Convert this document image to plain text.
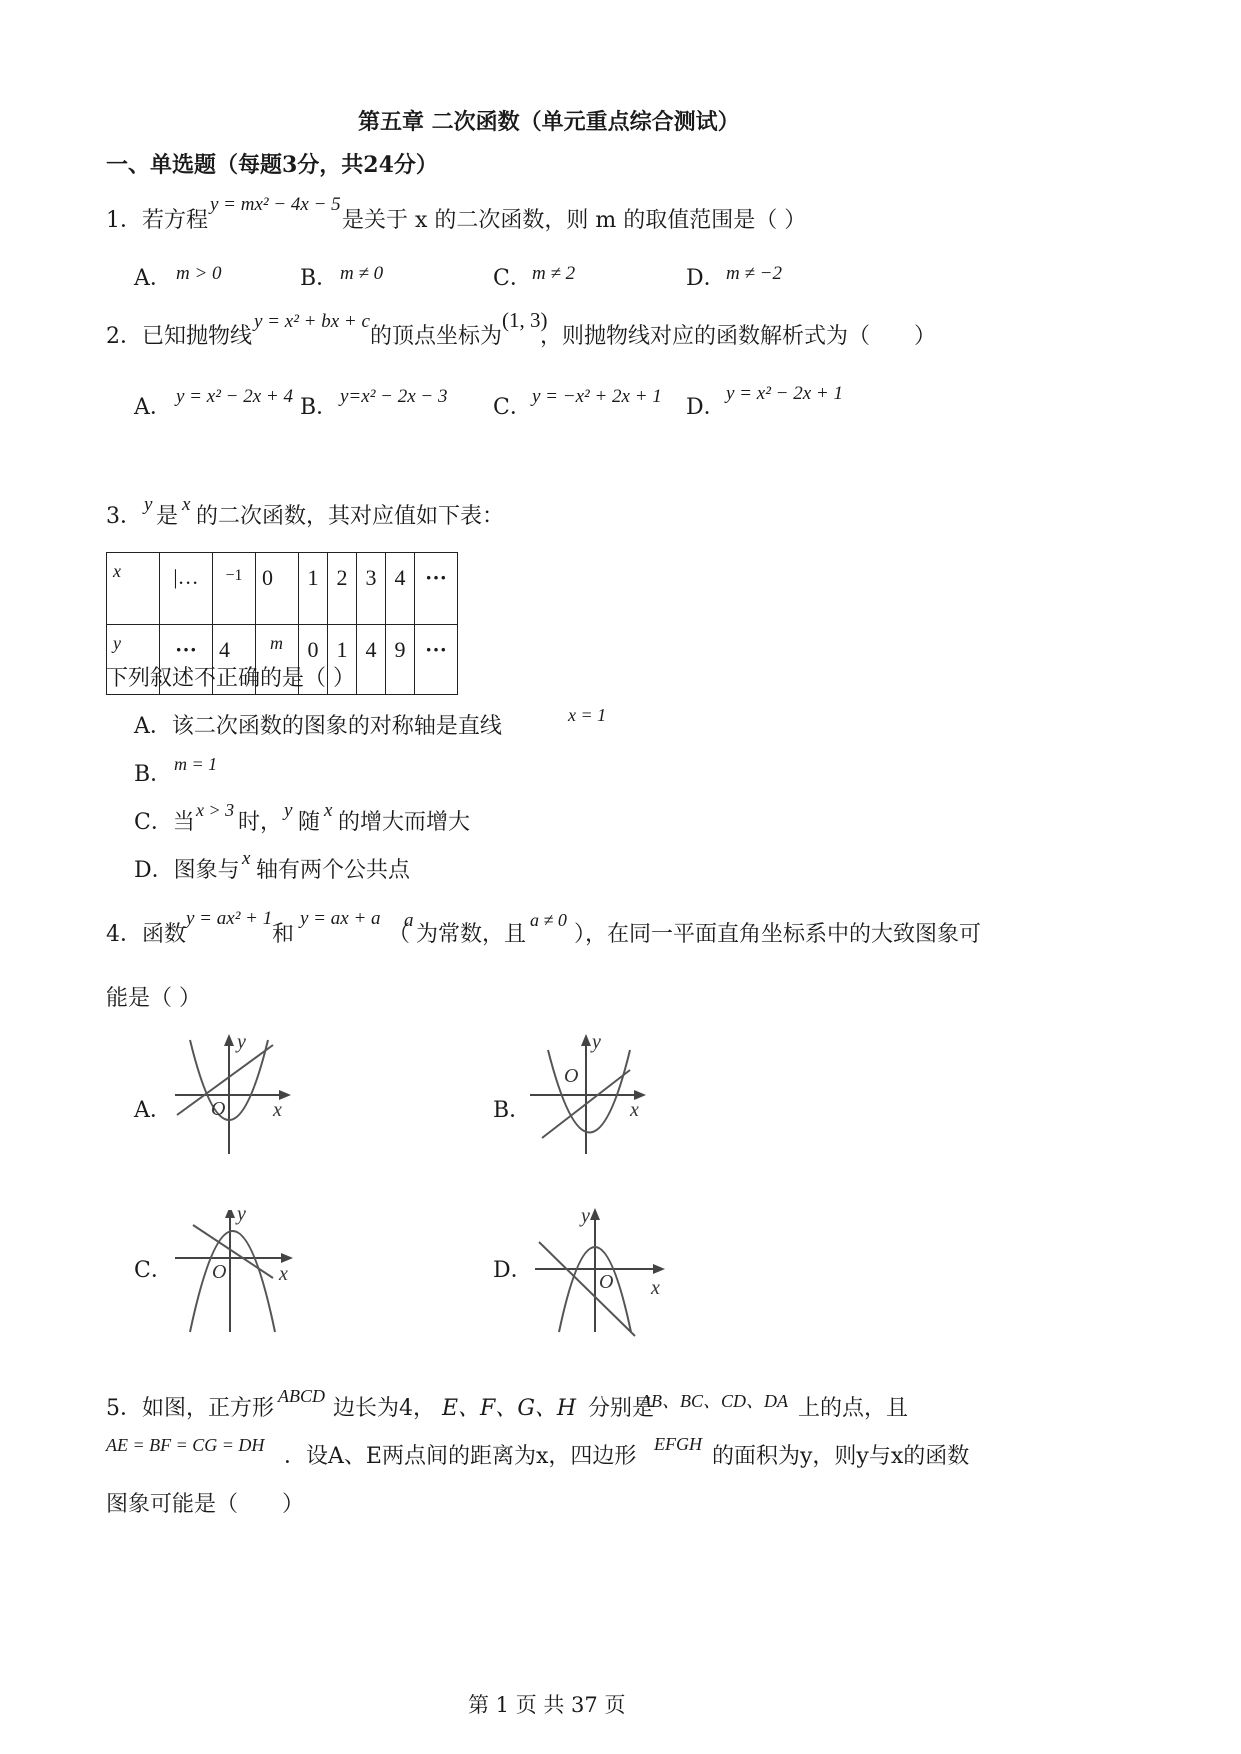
第五章 二次函数（单元重点综合测试）
一、单选题（每题3分，共24分）
1．若方程
y = mx² − 4x − 5
是关于 x 的二次函数，则 m 的取值范围是（ ）
A． m > 0	B． m ≠ 0	C． m ≠ 2	D． m ≠ −2
2．已知抛物线
y = x² + bx + c
的顶点坐标为
(1, 3)
，则抛物线对应的函数解析式为（　　）
A． y = x² − 2x + 4 B． y=x² − 2x − 3 C． y = −x² + 2x + 1 D．
y = x² − 2x + 1
3． y 是 x 的二次函数，其对应值如下表：
x	|…	−1	0	1	2	3	4	···
y	···	4	m	0	1	4	9	···
下列叙述不正确的是（ ）
A．该二次函数的图象的对称轴是直线	x = 1
B． m = 1
C．当 x > 3 时， y 随 x 的增大而增大
D．图象与 x 轴有两个公共点
4．函数
y = ax² + 1
和
y = ax + a
（
a
为常数，且
a ≠ 0
），在同一平面直角坐标系中的大致图象可
能是（ ）
A． O x
y
B．
O
x
y
C． O	x
y
D．	O x
y
5．如图，正方形 ABCD 边长为4， E、F、G、H 分别是
AB、BC、CD、DA 上的点，且
AE = BF = CG = DH ．设A、E两点间的距离为x，四边形 EFGH 的面积为y，则y与x的函数
图象可能是（　　）
第 1 页 共 37 页
